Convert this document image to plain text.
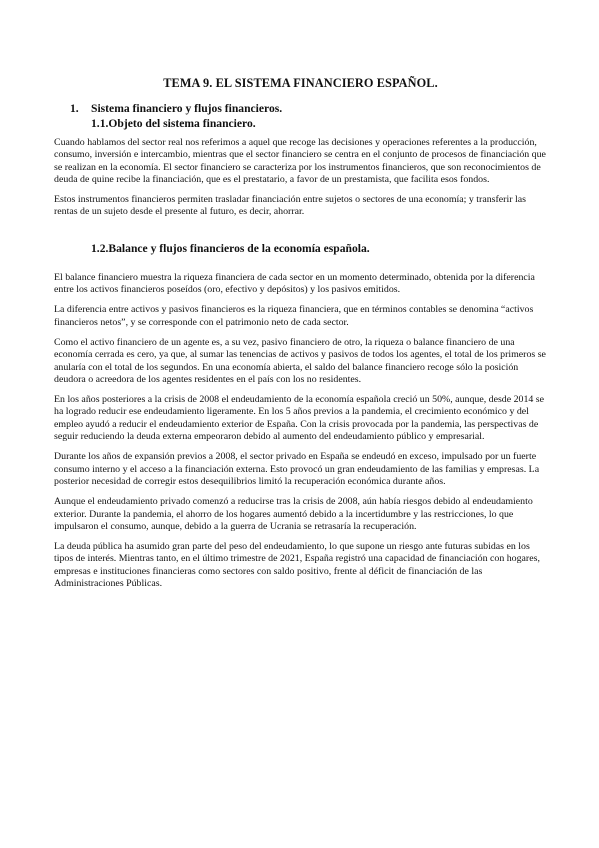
TEMA 9. EL SISTEMA FINANCIERO ESPAÑOL.
1. Sistema financiero y flujos financieros.
1.1.Objeto del sistema financiero.

Cuando hablamos del sector real nos referimos a aquel que recoge las decisiones y operaciones referentes a la producción, consumo, inversión e intercambio, mientras que el sector financiero se centra en el conjunto de procesos de financiación que se realizan en la economía. El sector financiero se caracteriza por los instrumentos financieros, que son reconocimientos de deuda de quine recibe la financiación, que es el prestatario, a favor de un prestamista, que facilita esos fondos.

Estos instrumentos financieros permiten trasladar financiación entre sujetos o sectores de una economía; y transferir las rentas de un sujeto desde el presente al futuro, es decir, ahorrar.

1.2.Balance y flujos financieros de la economía española.

El balance financiero muestra la riqueza financiera de cada sector en un momento determinado, obtenida por la diferencia entre los activos financieros poseídos (oro, efectivo y depósitos) y los pasivos emitidos.

La diferencia entre activos y pasivos financieros es la riqueza financiera, que en términos contables se denomina “activos financieros netos”, y se corresponde con el patrimonio neto de cada sector.

Como el activo financiero de un agente es, a su vez, pasivo financiero de otro, la riqueza o balance financiero de una economía cerrada es cero, ya que, al sumar las tenencias de activos y pasivos de todos los agentes, el total de los primeros se anularía con el total de los segundos. En una economía abierta, el saldo del balance financiero recoge sólo la posición deudora o acreedora de los agentes residentes en el país con los no residentes.

En los años posteriores a la crisis de 2008 el endeudamiento de la economía española creció un 50%, aunque, desde 2014 se ha logrado reducir ese endeudamiento ligeramente. En los 5 años previos a la pandemia, el crecimiento económico y del empleo ayudó a reducir el endeudamiento exterior de España. Con la crisis provocada por la pandemia, las perspectivas de seguir reduciendo la deuda externa empeoraron debido al aumento del endeudamiento público y empresarial.

Durante los años de expansión previos a 2008, el sector privado en España se endeudó en exceso, impulsado por un fuerte consumo interno y el acceso a la financiación externa. Esto provocó un gran endeudamiento de las familias y empresas. La posterior necesidad de corregir estos desequilibrios limitó la recuperación económica durante años.

Aunque el endeudamiento privado comenzó a reducirse tras la crisis de 2008, aún había riesgos debido al endeudamiento exterior. Durante la pandemia, el ahorro de los hogares aumentó debido a la incertidumbre y las restricciones, lo que impulsaron el consumo, aunque, debido a la guerra de Ucrania se retrasaría la recuperación.

La deuda pública ha asumido gran parte del peso del endeudamiento, lo que supone un riesgo ante futuras subidas en los tipos de interés. Mientras tanto, en el último trimestre de 2021, España registró una capacidad de financiación con hogares, empresas e instituciones financieras como sectores con saldo positivo, frente al déficit de financiación de las Administraciones Públicas.
